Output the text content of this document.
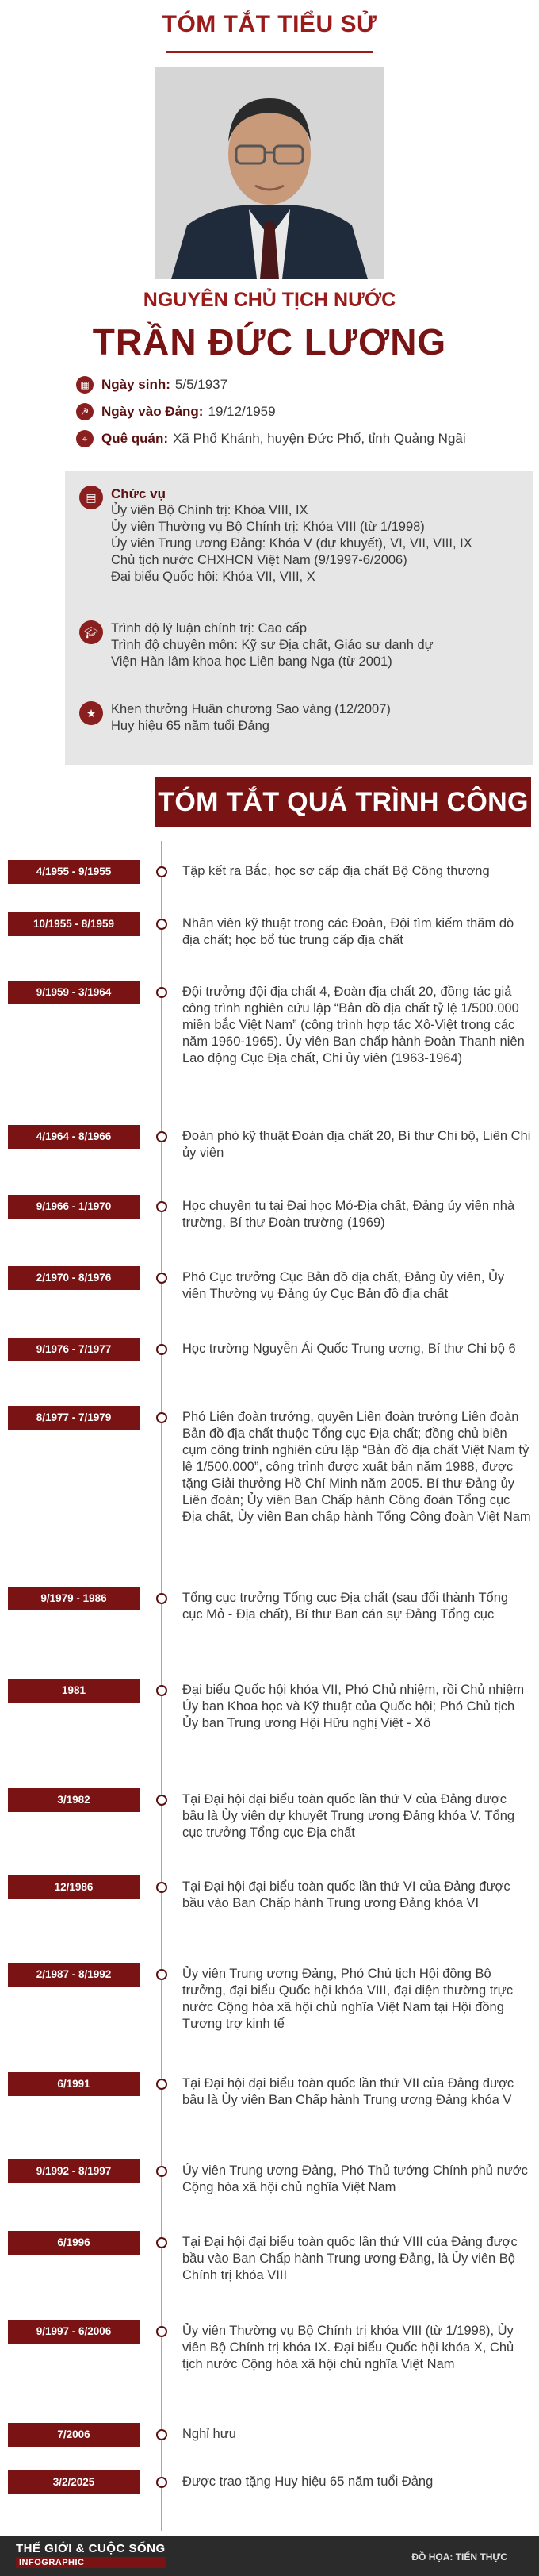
TÓM TẮT TIỂU SỬ
NGUYÊN CHỦ TỊCH NƯỚC
TRẦN ĐỨC LƯƠNG
▦ Ngày sinh: 5/5/1937
☭ Ngày vào Đảng: 19/12/1959
⌖	Quê quán: Xã Phổ Khánh, huyện Đức Phổ, tỉnh Quảng Ngãi
▤	Chức vụ
Ủy viên Bộ Chính trị: Khóa VIII, IX
Ủy viên Thường vụ Bộ Chính trị: Khóa VIII (từ 1/1998)
Ủy viên Trung ương Đảng: Khóa V (dự khuyết), VI, VII, VIII, IX
Chủ tịch nước CHXHCN Việt Nam (9/1997-6/2006)
Đại biểu Quốc hội: Khóa VII, VIII, X
🎓︎ Trình độ lý luận chính trị: Cao cấp
Trình độ chuyên môn: Kỹ sư Địa chất, Giáo sư danh dự
Viện Hàn lâm khoa học Liên bang Nga (từ 2001)
★	Khen thưởng Huân chương Sao vàng (12/2007)
Huy hiệu 65 năm tuổi Đảng
TÓM TẮT QUÁ TRÌNH CÔNG TÁC
4/1955 - 9/1955	Tập kết ra Bắc, học sơ cấp địa chất Bộ Công thương
10/1955 - 8/1959	Nhân viên kỹ thuật trong các Đoàn, Đội tìm kiếm thăm dò địa chất; học bổ túc trung cấp địa chất
9/1959 - 3/1964	Đội trưởng đội địa chất 4, Đoàn địa chất 20, đồng tác giả công trình nghiên cứu lập “Bản đồ địa chất tỷ lệ 1/500.000 miền bắc Việt Nam” (công trình hợp tác Xô-Việt trong các năm 1960-1965). Ủy viên Ban chấp hành Đoàn Thanh niên Lao động Cục Địa chất, Chi ủy viên (1963-1964)
4/1964 - 8/1966	Đoàn phó kỹ thuật Đoàn địa chất 20, Bí thư Chi bộ, Liên Chi ủy viên
9/1966 - 1/1970	Học chuyên tu tại Đại học Mỏ-Địa chất, Đảng ủy viên nhà trường, Bí thư Đoàn trường (1969)
2/1970 - 8/1976	Phó Cục trưởng Cục Bản đồ địa chất, Đảng ủy viên, Ủy viên Thường vụ Đảng ủy Cục Bản đồ địa chất
9/1976 - 7/1977	Học trường Nguyễn Ái Quốc Trung ương, Bí thư Chi bộ 6
8/1977 - 7/1979	Phó Liên đoàn trưởng, quyền Liên đoàn trưởng Liên đoàn Bản đồ địa chất thuộc Tổng cục Địa chất; đồng chủ biên cụm công trình nghiên cứu lập “Bản đồ địa chất Việt Nam tỷ lệ 1/500.000”, công trình được xuất bản năm 1988, được tặng Giải thưởng Hồ Chí Minh năm 2005. Bí thư Đảng ủy Liên đoàn; Ủy viên Ban Chấp hành Công đoàn Tổng cục Địa chất, Ủy viên Ban chấp hành Tổng Công đoàn Việt Nam
9/1979 - 1986	Tổng cục trưởng Tổng cục Địa chất (sau đổi thành Tổng cục Mỏ - Địa chất), Bí thư Ban cán sự Đảng Tổng cục
1981	Đại biểu Quốc hội khóa VII, Phó Chủ nhiệm, rồi Chủ nhiệm Ủy ban Khoa học và Kỹ thuật của Quốc hội; Phó Chủ tịch Ủy ban Trung ương Hội Hữu nghị Việt - Xô
3/1982	Tại Đại hội đại biểu toàn quốc lần thứ V của Đảng được bầu là Ủy viên dự khuyết Trung ương Đảng khóa V. Tổng cục trưởng Tổng cục Địa chất
12/1986	Tại Đại hội đại biểu toàn quốc lần thứ VI của Đảng được bầu vào Ban Chấp hành Trung ương Đảng khóa VI
2/1987 - 8/1992	Ủy viên Trung ương Đảng, Phó Chủ tịch Hội đồng Bộ trưởng, đại biểu Quốc hội khóa VIII, đại diện thường trực nước Cộng hòa xã hội chủ nghĩa Việt Nam tại Hội đồng Tương trợ kinh tế
6/1991	Tại Đại hội đại biểu toàn quốc lần thứ VII của Đảng được bầu là Ủy viên Ban Chấp hành Trung ương Đảng khóa V
9/1992 - 8/1997	Ủy viên Trung ương Đảng, Phó Thủ tướng Chính phủ nước Cộng hòa xã hội chủ nghĩa Việt Nam
6/1996	Tại Đại hội đại biểu toàn quốc lần thứ VIII của Đảng được bầu vào Ban Chấp hành Trung ương Đảng, là Ủy viên Bộ Chính trị khóa VIII
9/1997 - 6/2006	Ủy viên Thường vụ Bộ Chính trị khóa VIII (từ 1/1998), Ủy viên Bộ Chính trị khóa IX. Đại biểu Quốc hội khóa X, Chủ tịch nước Cộng hòa xã hội chủ nghĩa Việt Nam
7/2006	Nghỉ hưu
3/2/2025	Được trao tặng Huy hiệu 65 năm tuổi Đảng
THẾ GIỚI & CUỘC SỐNG
INFOGRAPHIC	ĐỒ HỌA: TIẾN THỰC
